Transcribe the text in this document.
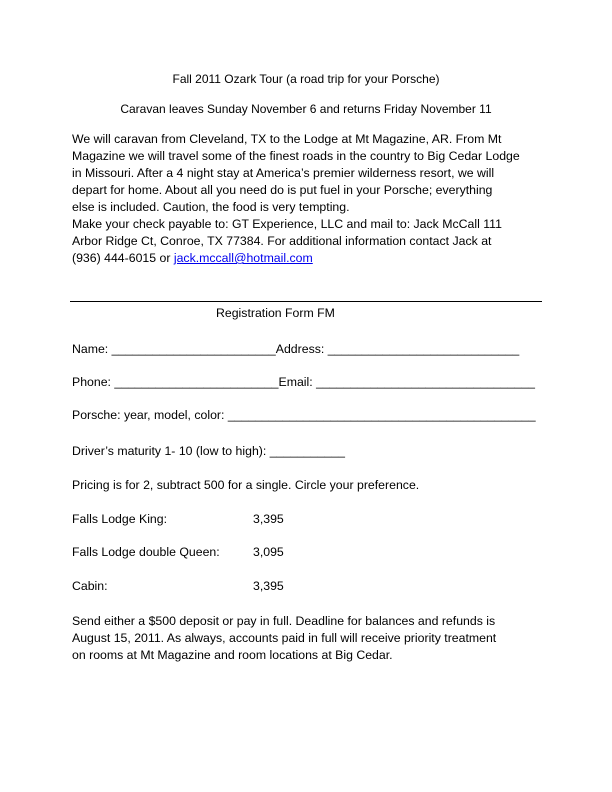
Fall 2011 Ozark Tour (a road trip for your Porsche)
Caravan leaves Sunday November 6 and returns Friday November 11
We will caravan from Cleveland, TX to the Lodge at Mt Magazine, AR. From Mt
Magazine we will travel some of the finest roads in the country to Big Cedar Lodge
in Missouri. After a 4 night stay at America’s premier wilderness resort, we will
depart for home. About all you need do is put fuel in your Porsche; everything
else is included. Caution, the food is very tempting.
Make your check payable to: GT Experience, LLC and mail to: Jack McCall 111
Arbor Ridge Ct, Conroe, TX 77384. For additional information contact Jack at
(936) 444-6015 or jack.mccall@hotmail.com
Registration Form FM
Name: ________________________Address: ____________________________
Phone: ________________________Email: ________________________________
Porsche: year, model, color: _____________________________________________
Driver’s maturity 1- 10 (low to high): ___________
Pricing is for 2, subtract 500 for a single. Circle your preference.
Falls Lodge King:	3,395
Falls Lodge double Queen:	3,095
Cabin:	3,395
Send either a $500 deposit or pay in full. Deadline for balances and refunds is
August 15, 2011. As always, accounts paid in full will receive priority treatment
on rooms at Mt Magazine and room locations at Big Cedar.
